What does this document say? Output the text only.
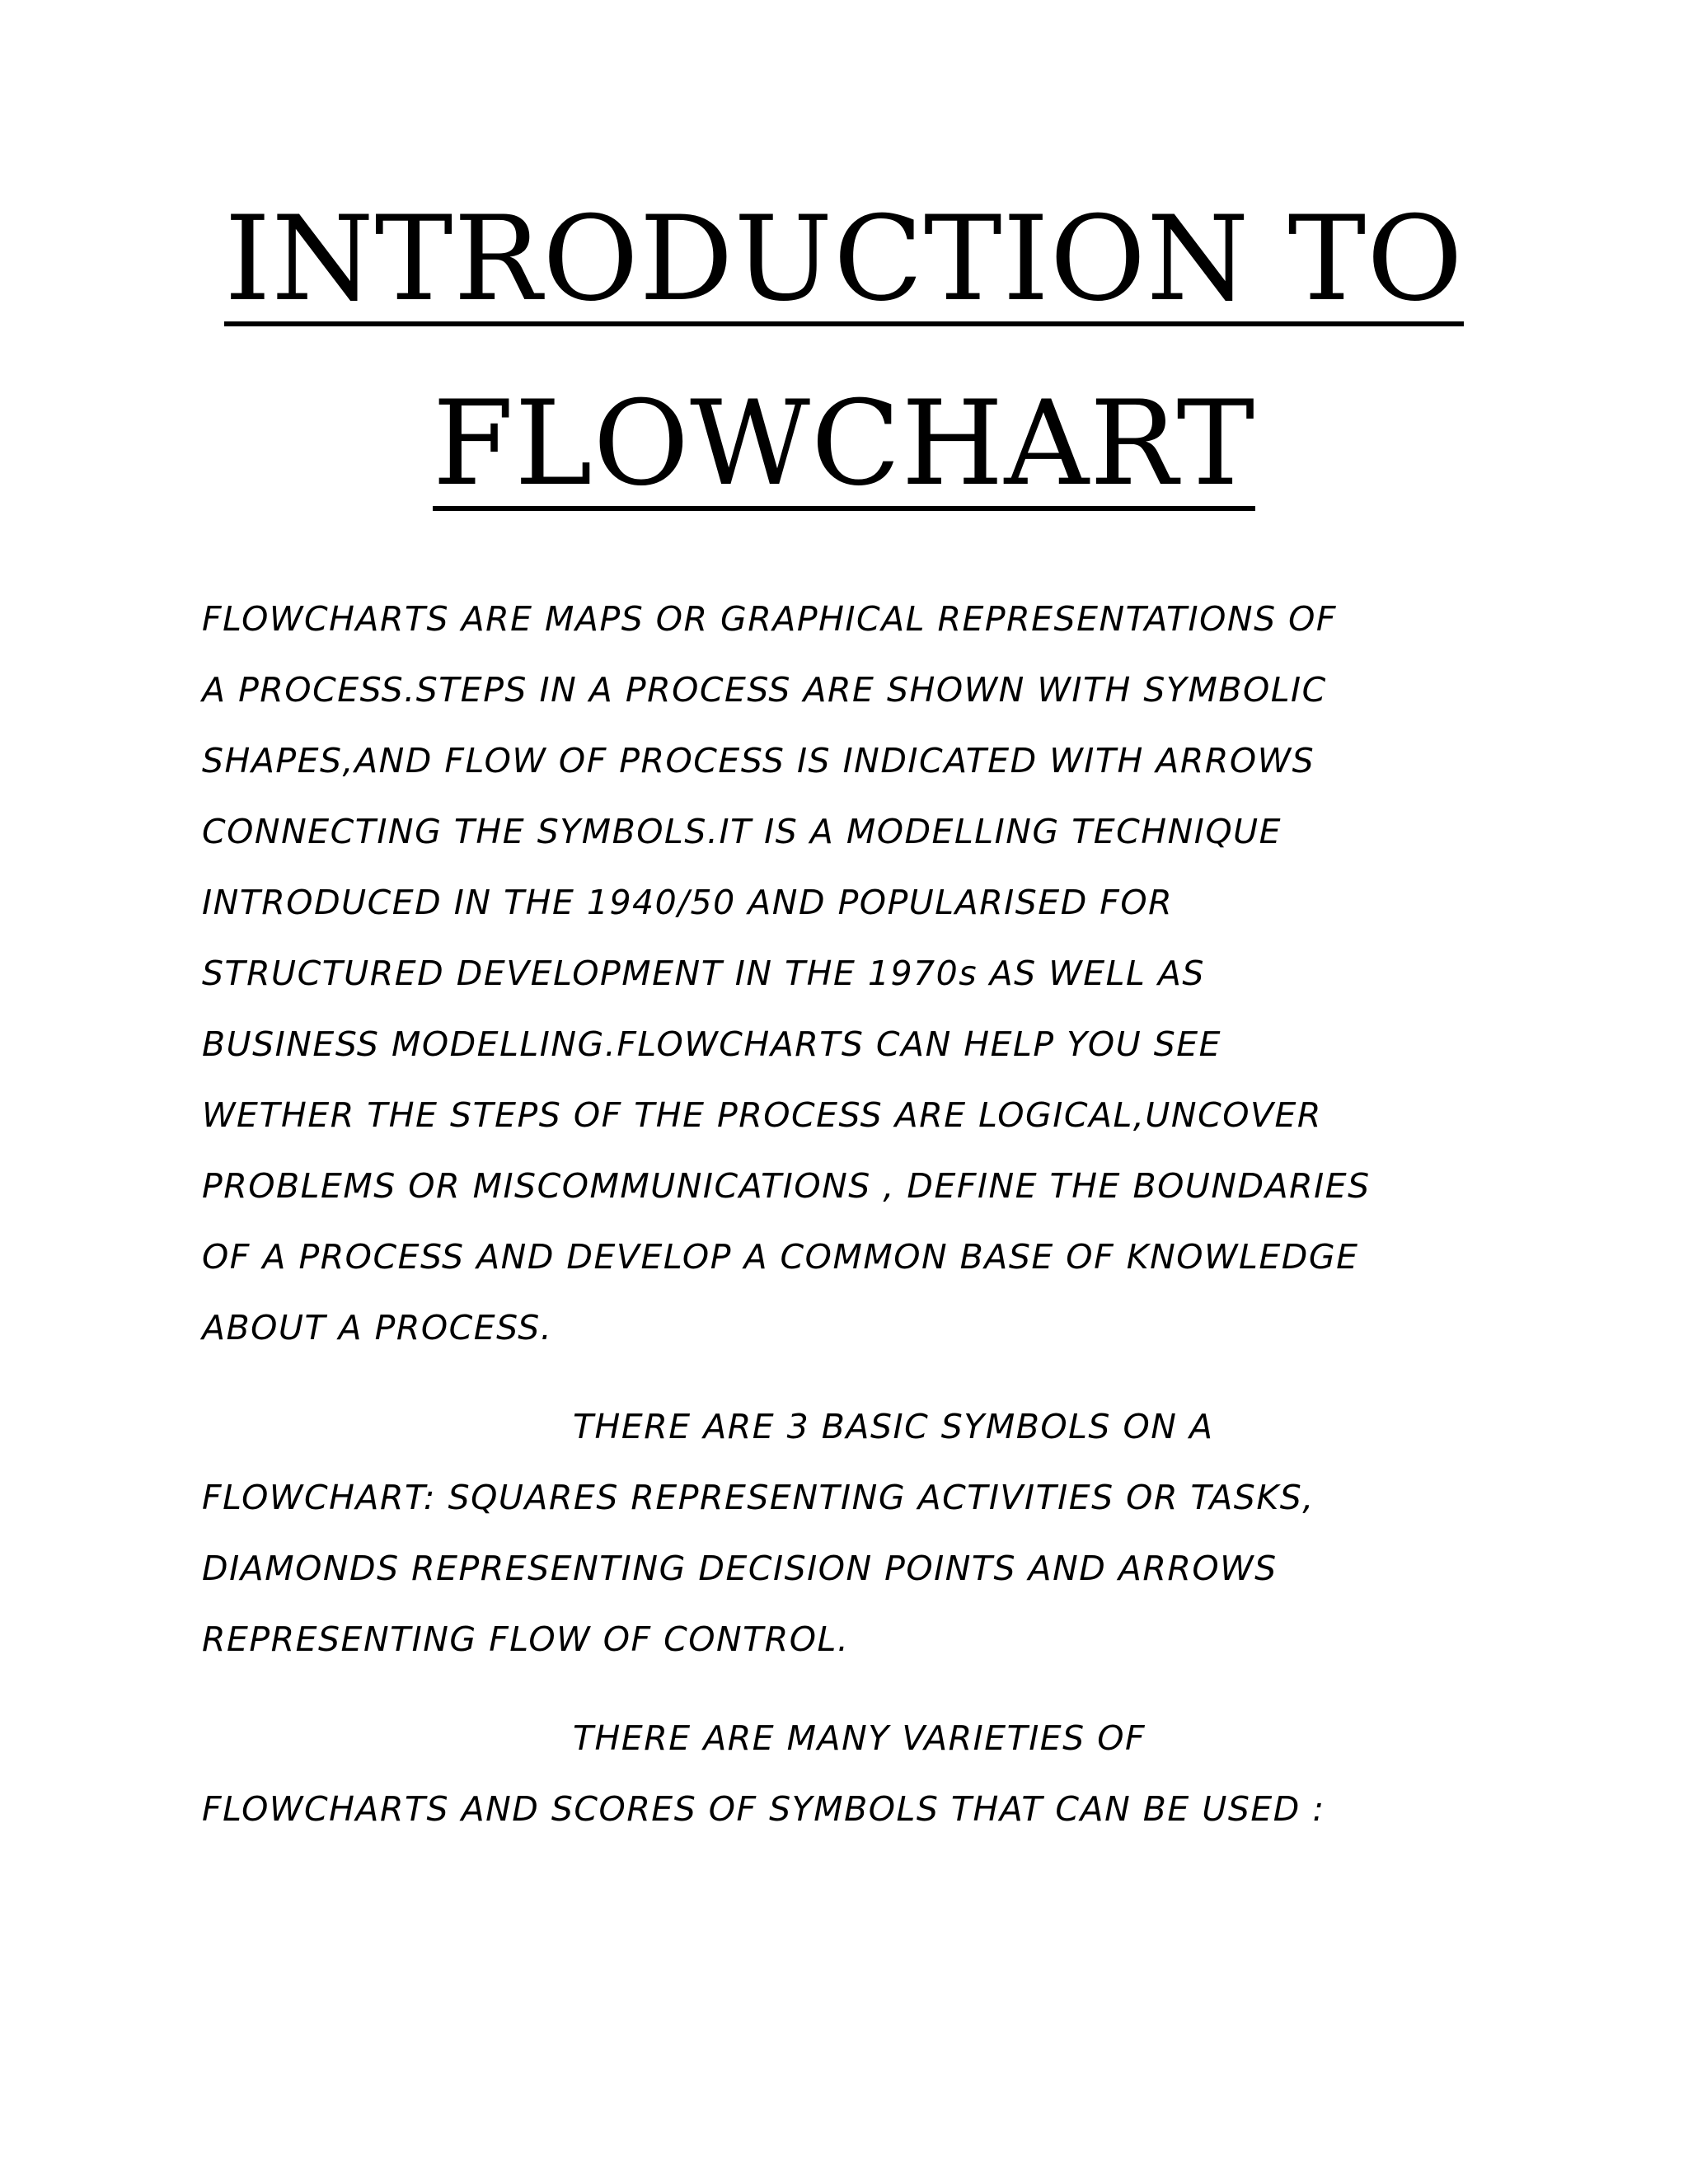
INTRODUCTION TO
FLOWCHART
FLOWCHARTS ARE MAPS OR GRAPHICAL REPRESENTATIONS OF
A PROCESS.STEPS IN A PROCESS ARE SHOWN WITH SYMBOLIC
SHAPES,AND FLOW OF PROCESS IS INDICATED WITH ARROWS
CONNECTING THE SYMBOLS.IT IS A MODELLING TECHNIQUE
INTRODUCED IN THE 1940/50 AND POPULARISED FOR
STRUCTURED DEVELOPMENT IN THE 1970s AS WELL AS
BUSINESS MODELLING.FLOWCHARTS CAN HELP YOU SEE
WETHER THE STEPS OF THE PROCESS ARE LOGICAL,UNCOVER
PROBLEMS OR MISCOMMUNICATIONS , DEFINE THE BOUNDARIES
OF A PROCESS AND DEVELOP A COMMON BASE OF KNOWLEDGE
ABOUT A PROCESS.
THERE ARE 3 BASIC SYMBOLS ON A
FLOWCHART: SQUARES REPRESENTING ACTIVITIES OR TASKS,
DIAMONDS REPRESENTING DECISION POINTS AND ARROWS
REPRESENTING FLOW OF CONTROL.
THERE ARE MANY VARIETIES OF
FLOWCHARTS AND SCORES OF SYMBOLS THAT CAN BE USED :
